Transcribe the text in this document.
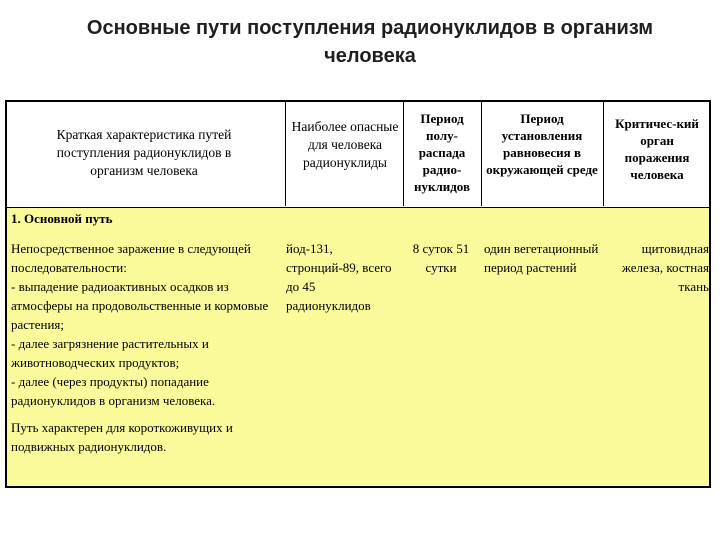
Основные пути поступления радионуклидов в организм человека
Краткая характеристика путей поступления радионуклидов в организм человека
Наиболее опасные для человека радионуклиды
Период полу-распада радио-нуклидов
Период установления равновесия в окружающей среде
Критичес-кий орган поражения человека
1. Основной путь

Непосредственное заражение в следующей последовательности:

- выпадение радиоактивных осадков из атмосферы на продовольственные и кормовые растения;

- далее загрязнение растительных и животноводческих продуктов;

- далее (через продукты) попадание радионуклидов в организм человека.

Путь характерен для короткоживущих и подвижных радионуклидов.
йод-131, стронций-89, всего до 45 радионуклидов
8 суток 51 сутки
один вегетационный период растений
щитовидная железа, костная ткань
